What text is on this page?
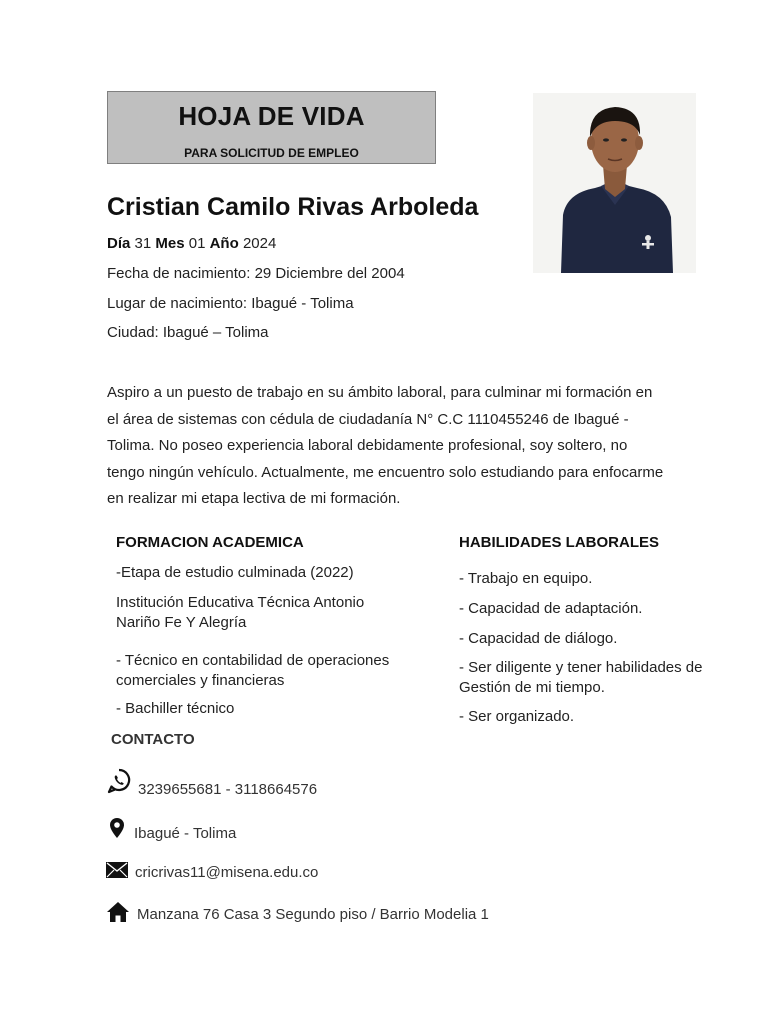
HOJA DE VIDA
PARA SOLICITUD DE EMPLEO
Cristian Camilo Rivas Arboleda
Día 31 Mes 01 Año 2024
Fecha de nacimiento: 29 Diciembre del 2004
Lugar de nacimiento: Ibagué - Tolima
Ciudad: Ibagué – Tolima
Aspiro a un puesto de trabajo en su ámbito laboral, para culminar mi formación en el área de sistemas con cédula de ciudadanía N° C.C 1110455246 de Ibagué - Tolima. No poseo experiencia laboral debidamente profesional, soy soltero, no tengo ningún vehículo. Actualmente, me encuentro solo estudiando para enfocarme en realizar mi etapa lectiva de mi formación.
FORMACION ACADEMICA
-Etapa de estudio culminada (2022)
Institución Educativa Técnica Antonio Nariño Fe Y Alegría
- Técnico en contabilidad de operaciones comerciales y financieras
- Bachiller técnico
HABILIDADES LABORALES
- Trabajo en equipo.
- Capacidad de adaptación.
- Capacidad de diálogo.
- Ser diligente y tener habilidades de Gestión de mi tiempo.
- Ser organizado.
CONTACTO
3239655681 - 3118664576
Ibagué - Tolima
cricrivas11@misena.edu.co
Manzana 76 Casa 3 Segundo piso / Barrio Modelia 1
